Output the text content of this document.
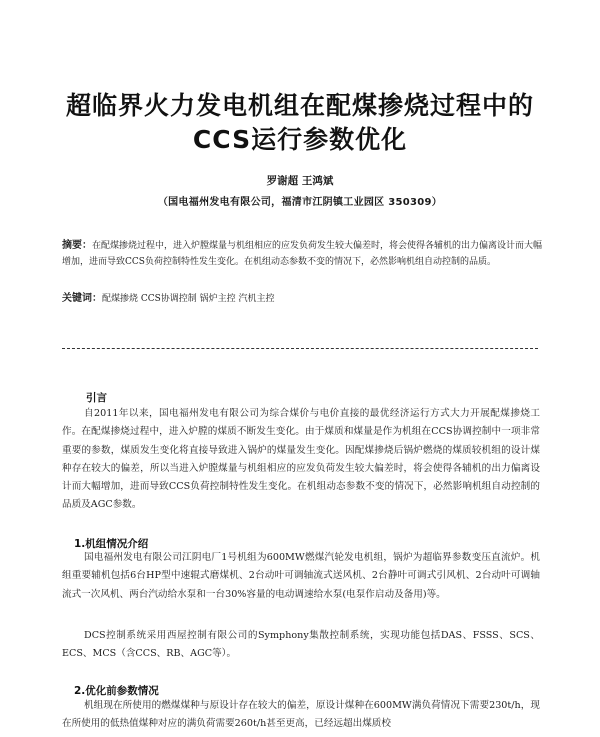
超临界火力发电机组在配煤掺烧过程中的
CCS运行参数优化
罗谢超 王鸿斌
（国电福州发电有限公司，福清市江阴镇工业园区 350309）
摘要：在配煤掺烧过程中，进入炉膛煤量与机组相应的应发负荷发生较大偏差时，将会使得各辅机的出力偏离设计而大幅增加，进而导致CCS负荷控制特性发生变化。在机组动态参数不变的情况下，必然影响机组自动控制的品质。
关键词：配煤掺烧 CCS协调控制 锅炉主控 汽机主控
引言
自2011年以来，国电福州发电有限公司为综合煤价与电价直接的最优经济运行方式大力开展配煤掺烧工作。在配煤掺烧过程中，进入炉膛的煤质不断发生变化。由于煤质和煤量是作为机组在CCS协调控制中一项非常重要的参数，煤质发生变化将直接导致进入锅炉的煤量发生变化。因配煤掺烧后锅炉燃烧的煤质较机组的设计煤种存在较大的偏差，所以当进入炉膛煤量与机组相应的应发负荷发生较大偏差时，将会使得各辅机的出力偏离设计而大幅增加，进而导致CCS负荷控制特性发生变化。在机组动态参数不变的情况下，必然影响机组自动控制的品质及AGC参数。
1.机组情况介绍
国电福州发电有限公司江阴电厂1号机组为600MW燃煤汽轮发电机组，锅炉为超临界参数变压直流炉。机组重要辅机包括6台HP型中速辊式磨煤机、2台动叶可调轴流式送风机、2台静叶可调式引风机、2台动叶可调轴流式一次风机、两台汽动给水泵和一台30%容量的电动调速给水泵(电泵作启动及备用)等。
DCS控制系统采用西屋控制有限公司的Symphony集散控制系统，实现功能包括DAS、FSSS、SCS、ECS、MCS（含CCS、RB、AGC等）。
2.优化前参数情况
机组现在所使用的燃煤煤种与原设计存在较大的偏差，原设计煤种在600MW满负荷情况下需要230t/h，现在所使用的低热值煤种对应的满负荷需要260t/h甚至更高，已经远超出煤质校
